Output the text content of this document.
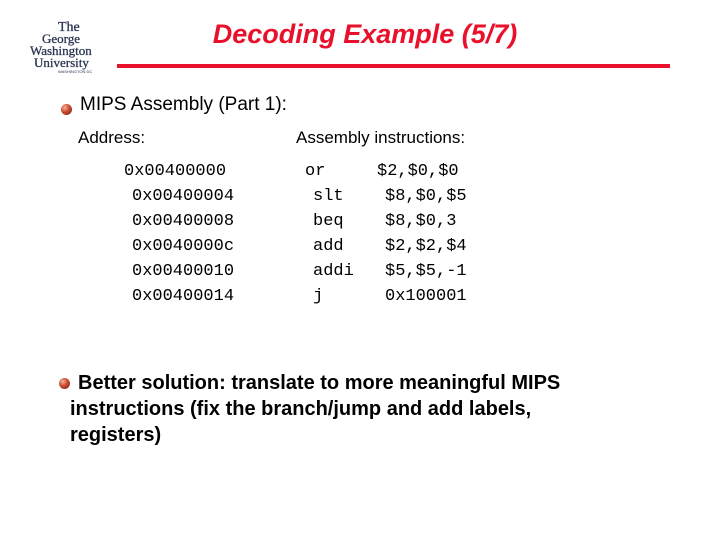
The
George
Washington
University
WASHINGTON DC
Decoding Example (5/7)
MIPS Assembly (Part 1):
Address:	Assembly instructions:
0x00400000	or	$2,$0,$0
0x00400004	slt $8,$0,$5
0x00400008	beq $8,$0,3
0x0040000c	add $2,$2,$4
0x00400010	addi $5,$5,-1
0x00400014	j	0x100001
Better solution: translate to more meaningful MIPS
instructions (fix the branch/jump and add labels,
registers)
